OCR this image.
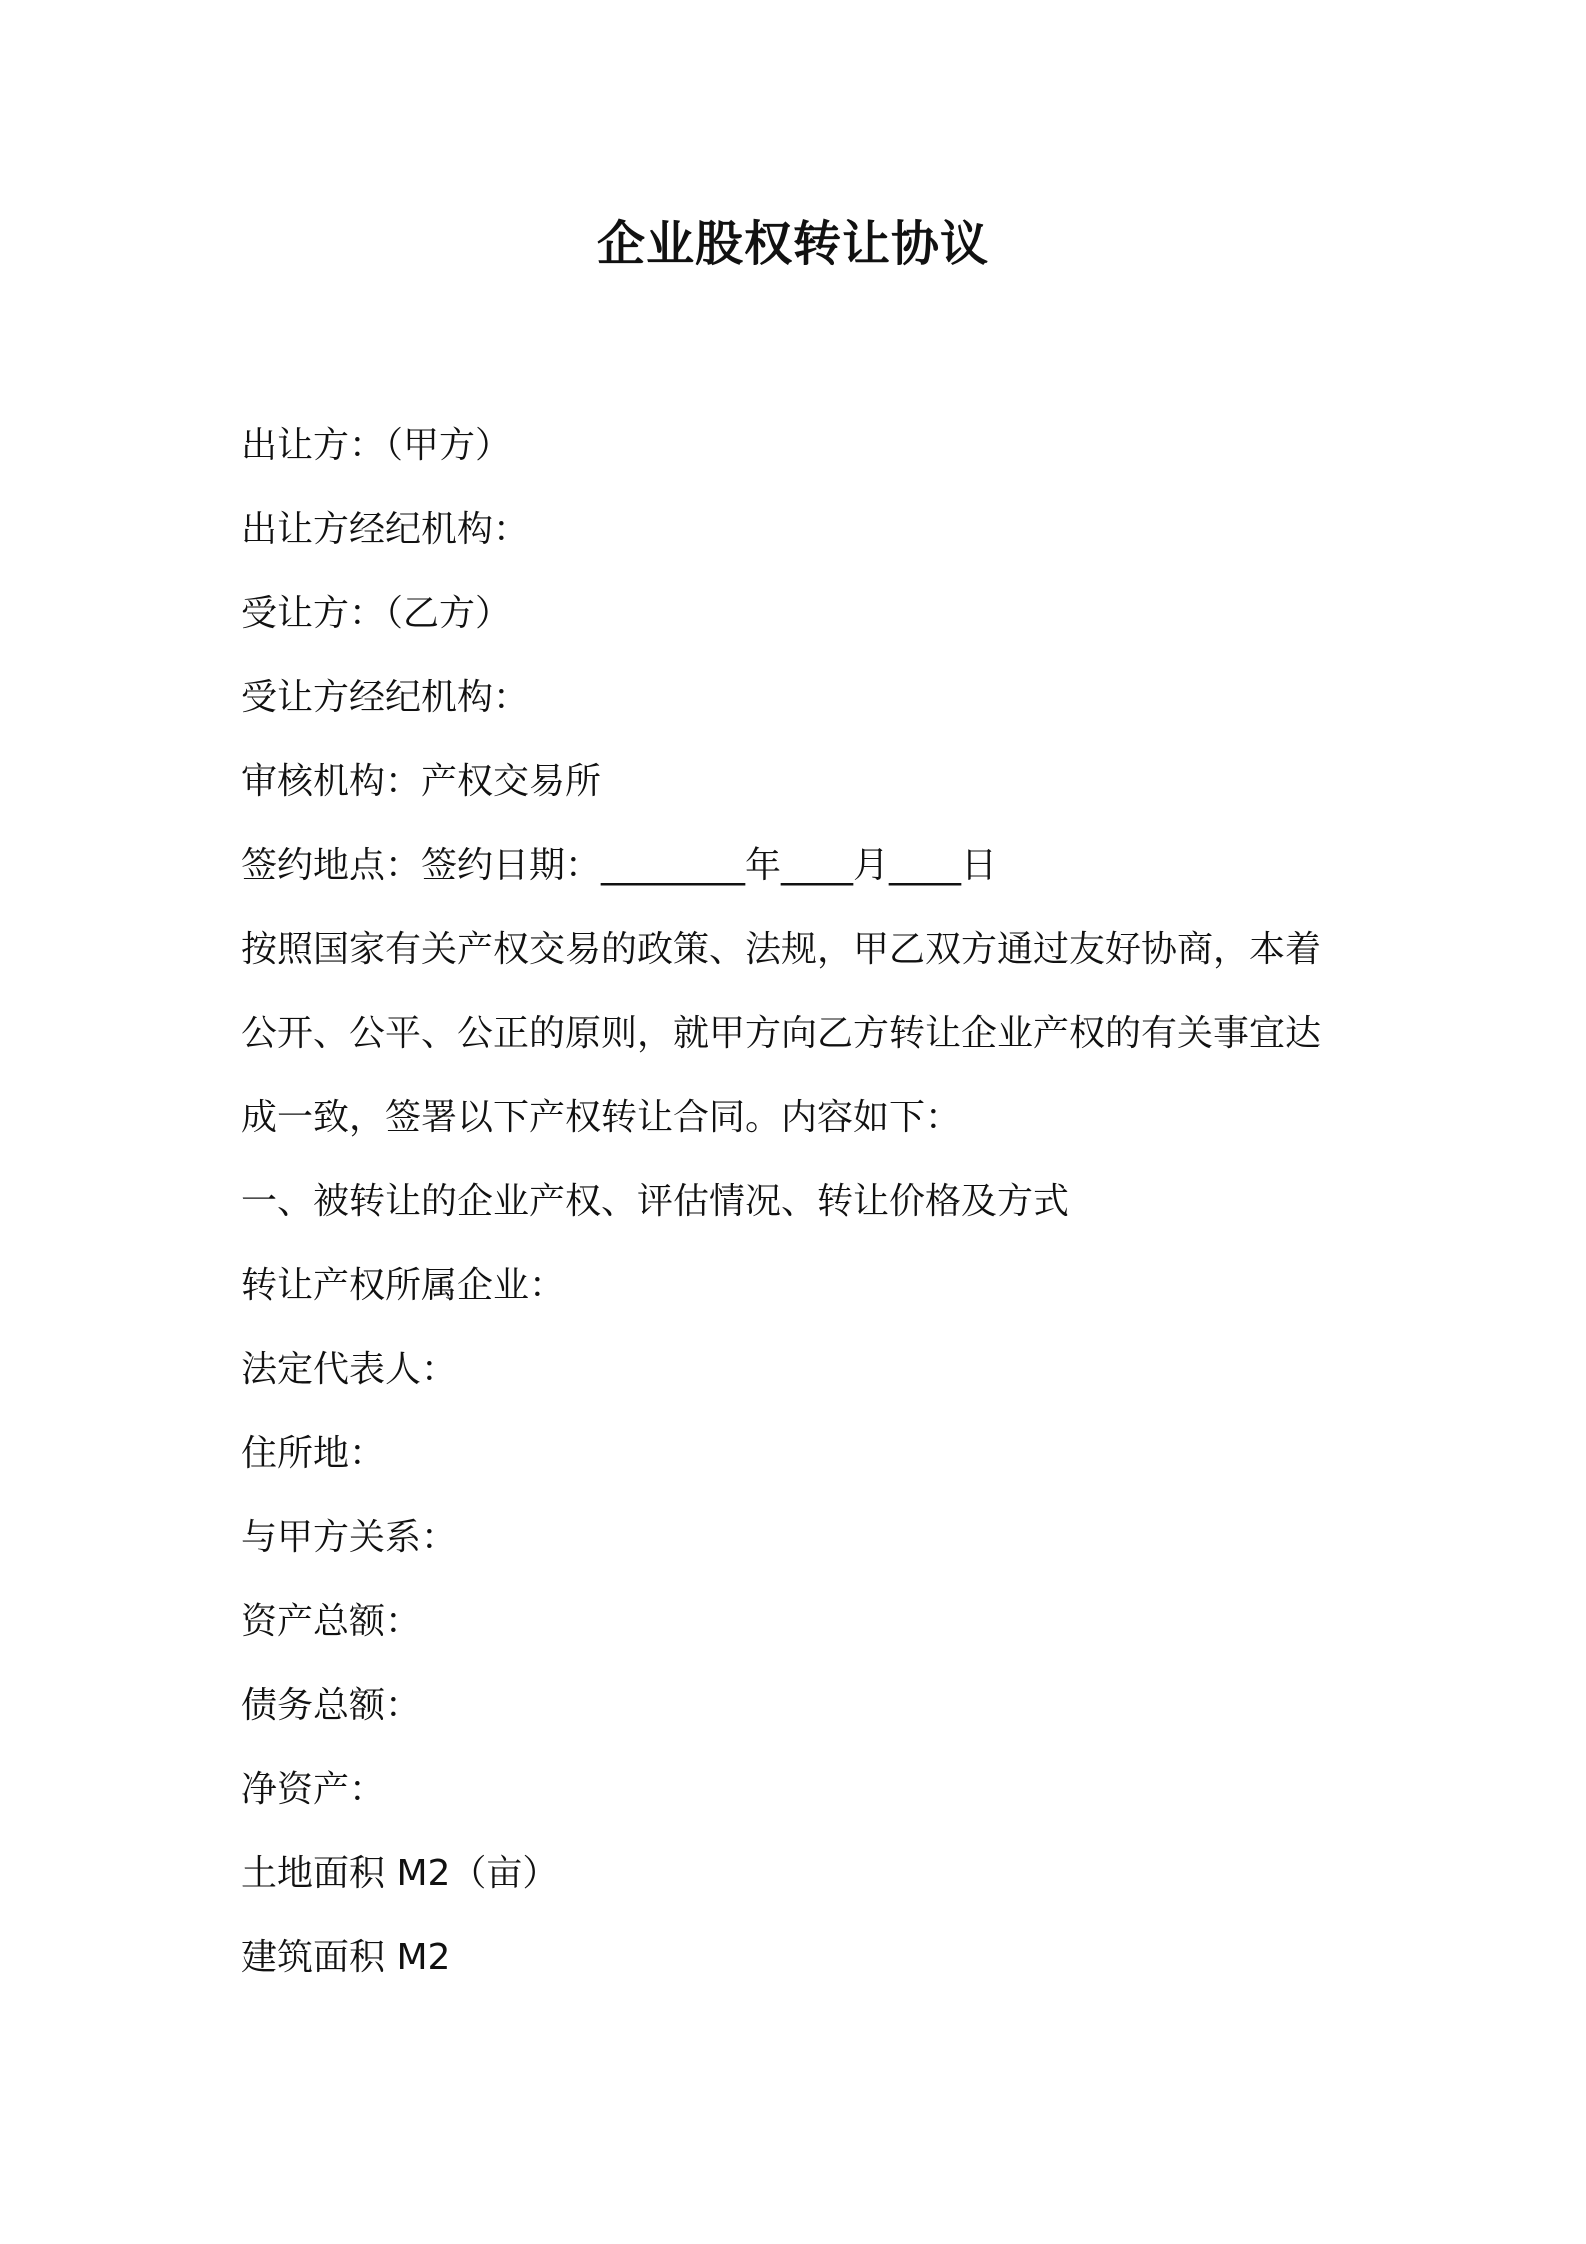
企业股权转让协议

出让方：（甲方）

出让方经纪机构：

受让方：（乙方）

受让方经纪机构：

审核机构：产权交易所

签约地点：签约日期：________年____月____日

按照国家有关产权交易的政策、法规，甲乙双方通过友好协商，本着

公开、公平、公正的原则，就甲方向乙方转让企业产权的有关事宜达

成一致，签署以下产权转让合同。内容如下：

一、被转让的企业产权、评估情况、转让价格及方式

转让产权所属企业：

法定代表人：

住所地：

与甲方关系：

资产总额：

债务总额：

净资产：

土地面积 M2（亩）

建筑面积 M2
